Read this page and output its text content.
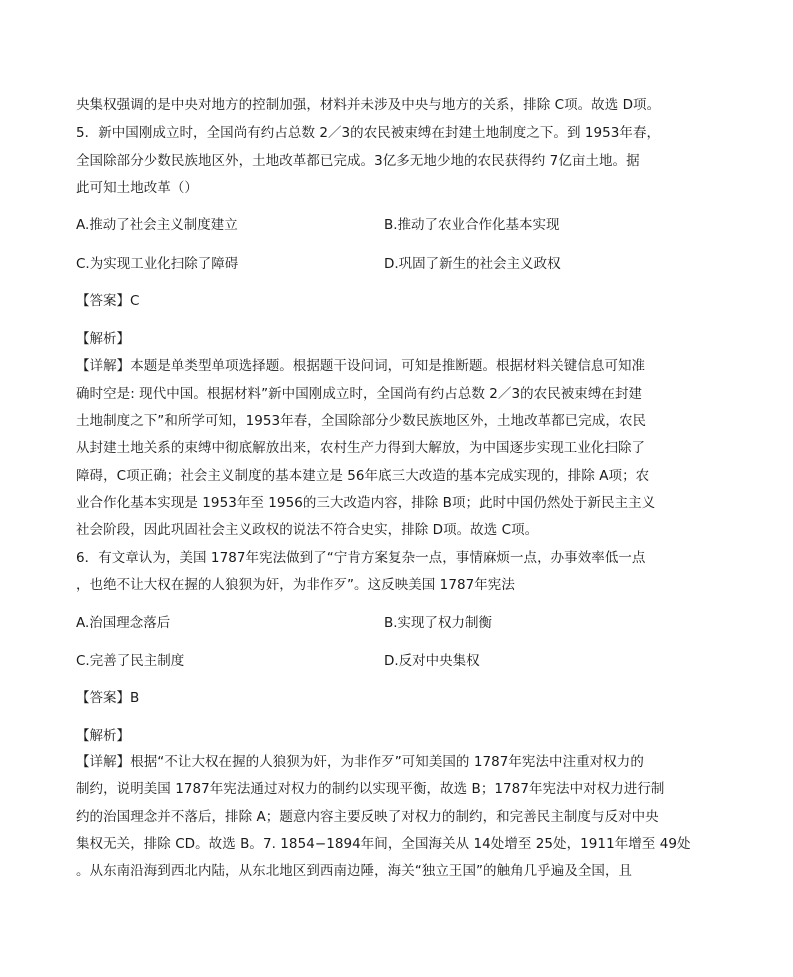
央集权强调的是中央对地方的控制加强，材料并未涉及中央与地方的关系，排除 C项。故选 D项。
5．新中国刚成立时，全国尚有约占总数 2／3的农民被束缚在封建土地制度之下。到 1953年春，
全国除部分少数民族地区外，土地改革都已完成。3亿多无地少地的农民获得约 7亿亩土地。据
此可知土地改革（）
A.推动了社会主义制度建立	B.推动了农业合作化基本实现
C.为实现工业化扫除了障碍	D.巩固了新生的社会主义政权
【答案】C
【解析】
【详解】本题是单类型单项选择题。根据题干设问词，可知是推断题。根据材料关键信息可知准
确时空是: 现代中国。根据材料”新中国刚成立时，全国尚有约占总数 2／3的农民被束缚在封建
土地制度之下”和所学可知，1953年春，全国除部分少数民族地区外，土地改革都已完成，农民
从封建土地关系的束缚中彻底解放出来，农村生产力得到大解放，为中国逐步实现工业化扫除了
障碍，C项正确；社会主义制度的基本建立是 56年底三大改造的基本完成实现的，排除 A项；农
业合作化基本实现是 1953年至 1956的三大改造内容，排除 B项；此时中国仍然处于新民主主义
社会阶段，因此巩固社会主义政权的说法不符合史实，排除 D项。故选 C项。
6．有文章认为，美国 1787年宪法做到了“宁肯方案复杂一点，事情麻烦一点，办事效率低一点
，也绝不让大权在握的人狼狈为奸，为非作歹”。这反映美国 1787年宪法
A.治国理念落后	B.实现了权力制衡
C.完善了民主制度	D.反对中央集权
【答案】B
【解析】
【详解】根据“不让大权在握的人狼狈为奸，为非作歹”可知美国的 1787年宪法中注重对权力的
制约，说明美国 1787年宪法通过对权力的制约以实现平衡，故选 B；1787年宪法中对权力进行制
约的治国理念并不落后，排除 A；题意内容主要反映了对权力的制约，和完善民主制度与反对中央
集权无关，排除 CD。故选 B。7. 1854−1894年间，全国海关从 14处增至 25处，1911年增至 49处
。从东南沿海到西北内陆，从东北地区到西南边陲，海关“独立王国”的触角几乎遍及全国，且
